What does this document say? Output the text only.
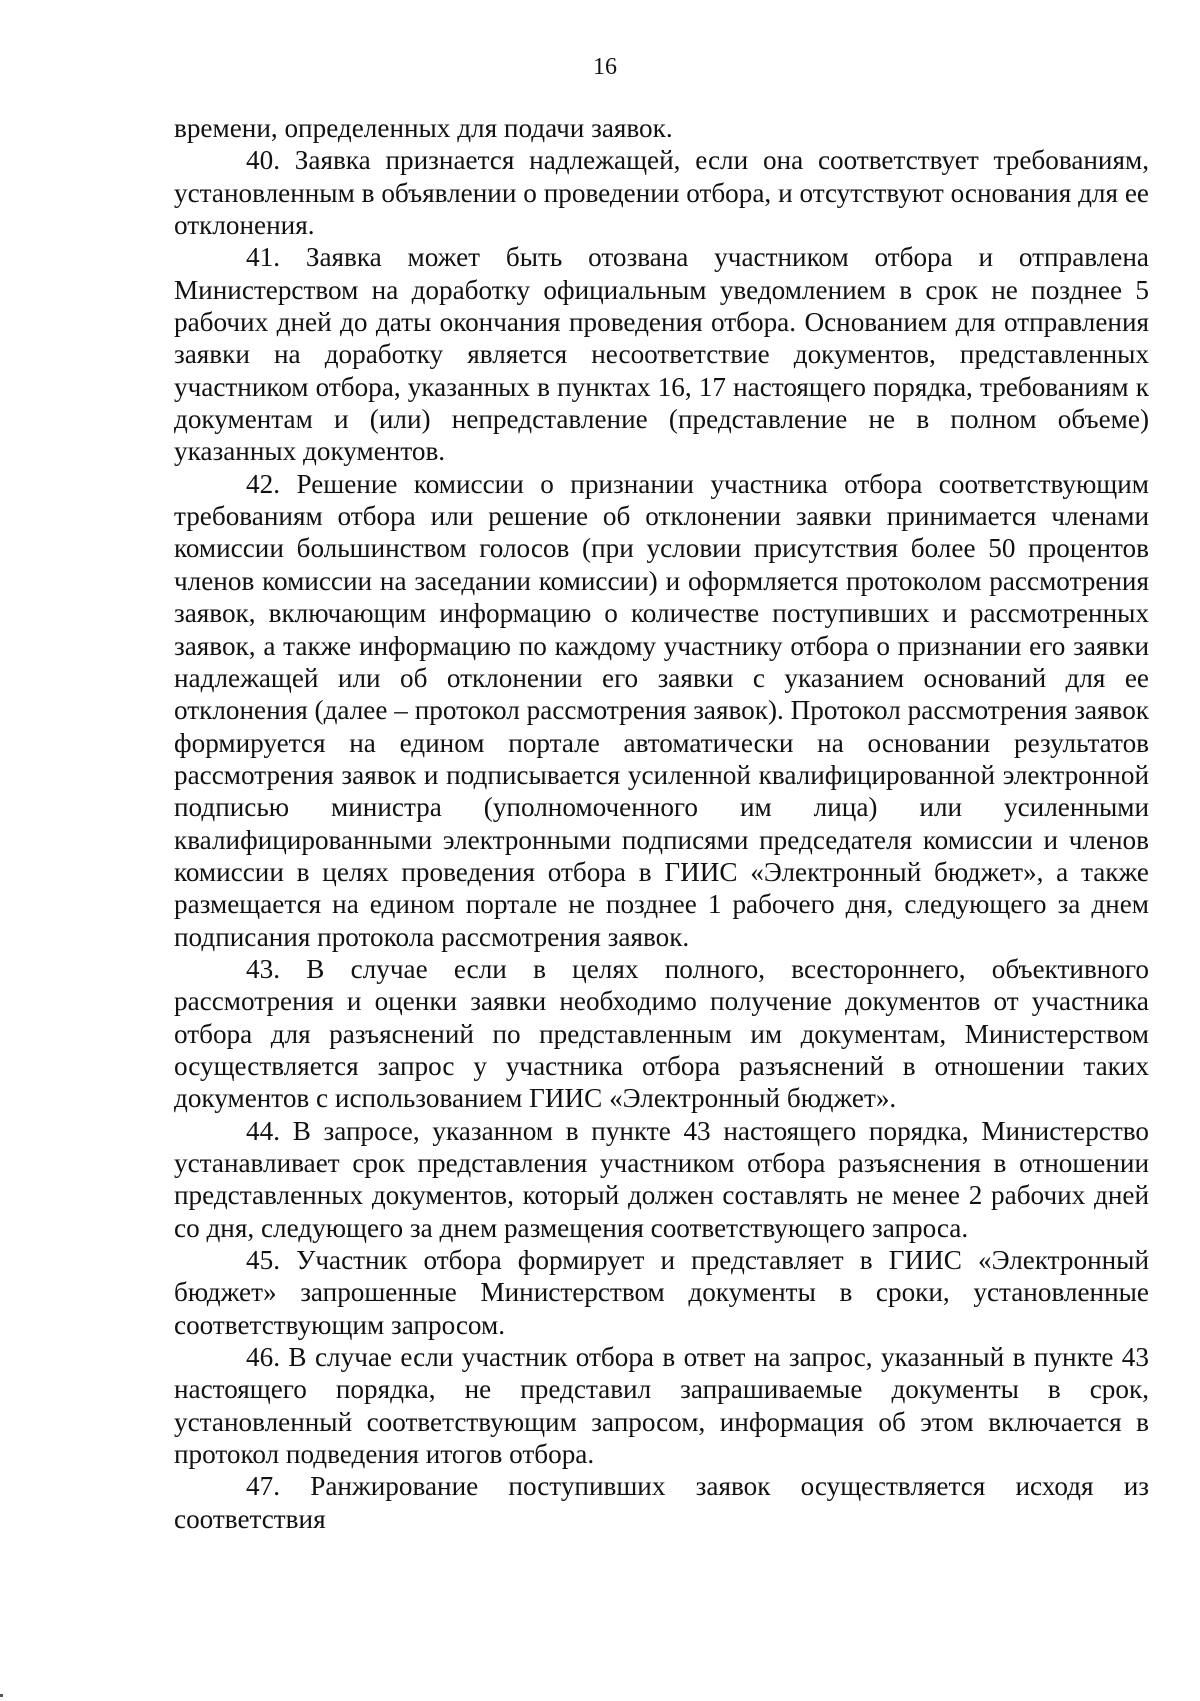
16

времени, определенных для подачи заявок.

40. Заявка признается надлежащей, если она соответствует требованиям, установленным в объявлении о проведении отбора, и отсутствуют основания для ее отклонения.

41. Заявка может быть отозвана участником отбора и отправлена Министерством на доработку официальным уведомлением в срок не позднее 5 рабочих дней до даты окончания проведения отбора. Основанием для отправления заявки на доработку является несоответствие документов, представленных участником отбора, указанных в пунктах 16, 17 настоящего порядка, требованиям к документам и (или) непредставление (представление не в полном объеме) указанных документов.

42. Решение комиссии о признании участника отбора соответствующим требованиям отбора или решение об отклонении заявки принимается членами комиссии большинством голосов (при условии присутствия более 50 процентов членов комиссии на заседании комиссии) и оформляется протоколом рассмотрения заявок, включающим информацию о количестве поступивших и рассмотренных заявок, а также информацию по каждому участнику отбора о признании его заявки надлежащей или об отклонении его заявки с указанием оснований для ее отклонения (далее – протокол рассмотрения заявок). Протокол рассмотрения заявок формируется на едином портале автоматически на основании результатов рассмотрения заявок и подписывается усиленной квалифицированной электронной подписью министра (уполномоченного им лица) или усиленными квалифицированными электронными подписями председателя комиссии и членов комиссии в целях проведения отбора в ГИИС «Электронный бюджет», а также размещается на едином портале не позднее 1 рабочего дня, следующего за днем подписания протокола рассмотрения заявок.

43. В случае если в целях полного, всестороннего, объективного рассмотрения и оценки заявки необходимо получение документов от участника отбора для разъяснений по представленным им документам, Министерством осуществляется запрос у участника отбора разъяснений в отношении таких документов с использованием ГИИС «Электронный бюджет».

44. В запросе, указанном в пункте 43 настоящего порядка, Министерство устанавливает срок представления участником отбора разъяснения в отношении представленных документов, который должен составлять не менее 2 рабочих дней со дня, следующего за днем размещения соответствующего запроса.

45. Участник отбора формирует и представляет в ГИИС «Электронный бюджет» запрошенные Министерством документы в сроки, установленные соответствующим запросом.

46. В случае если участник отбора в ответ на запрос, указанный в пункте 43 настоящего порядка, не представил запрашиваемые документы в срок, установленный соответствующим запросом, информация об этом включается в протокол подведения итогов отбора.

47. Ранжирование поступивших заявок осуществляется исходя из соответствия
